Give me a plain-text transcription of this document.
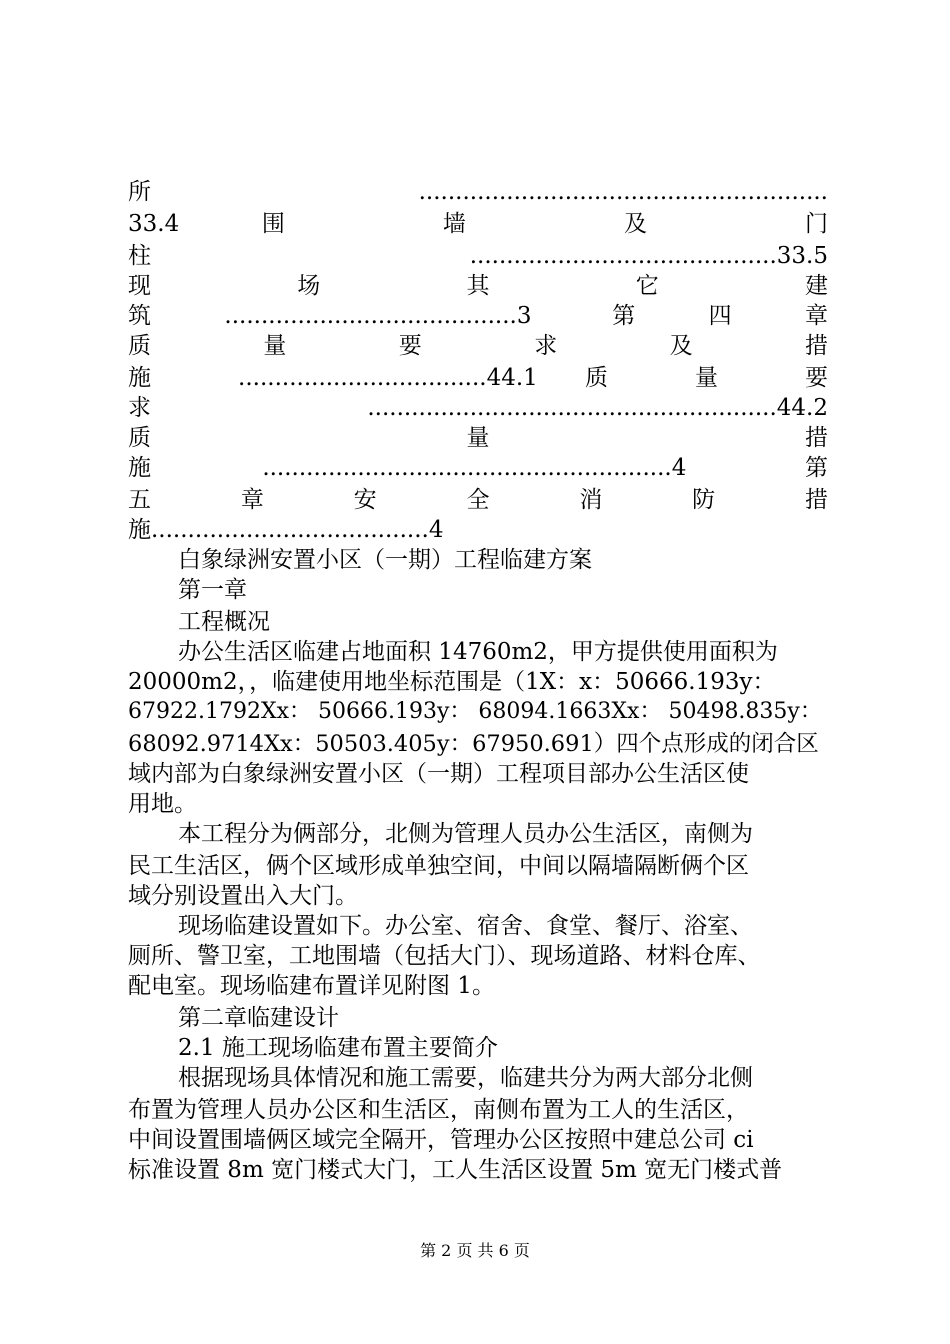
所........................................................
33.4 围 墙 及 门
柱 ..........................................33.5
现 场 其 它 建
筑........................................3 第四章
质 量 要 求 及 措
施 ..................................44.1 质 量 要
求........................................................44.2
质 量 措
施........................................................4 第
五 章 安 全 消 防 措
施......................................4
白象绿洲安置小区（一期）工程临建方案
第一章
工程概况
办公生活区临建占地面积 14760m2，甲方提供使用面积为
20000m2，，临建使用地坐标范围是（1X：x：50666.193y：
67922.1792Xx： 50666.193y： 68094.1663Xx： 50498.835y：
68092.9714Xx：50503.405y：67950.691）四个点形成的闭合区
域内部为白象绿洲安置小区（一期）工程项目部办公生活区使
用地。
本工程分为俩部分，北侧为管理人员办公生活区，南侧为
民工生活区，俩个区域形成单独空间，中间以隔墙隔断俩个区
域分别设置出入大门。
现场临建设置如下。办公室、宿舍、食堂、餐厅、浴室、
厕所、警卫室，工地围墙（包括大门）、现场道路、材料仓库、
配电室。现场临建布置详见附图 1。
第二章临建设计
2.1 施工现场临建布置主要简介
根据现场具体情况和施工需要，临建共分为两大部分北侧
布置为管理人员办公区和生活区，南侧布置为工人的生活区，
中间设置围墙俩区域完全隔开，管理办公区按照中建总公司 ci
标准设置 8m 宽门楼式大门，工人生活区设置 5m 宽无门楼式普
第 2 页 共 6 页
